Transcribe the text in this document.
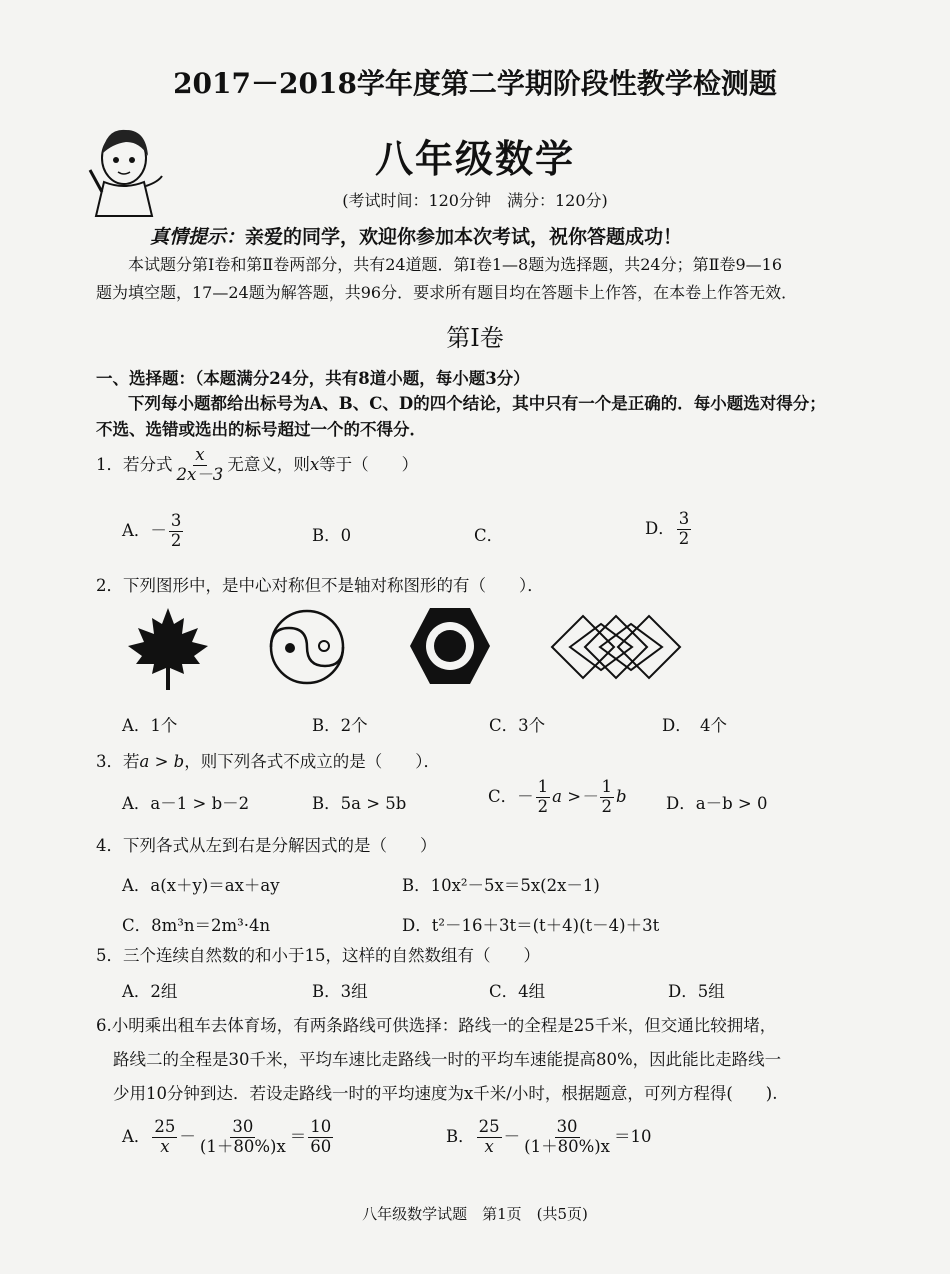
2017－2018学年度第二学期阶段性教学检测题
八年级数学
(考试时间：120分钟　满分：120分)
真情提示：亲爱的同学，欢迎你参加本次考试，祝你答题成功！
本试题分第Ⅰ卷和第Ⅱ卷两部分，共有24道题．第Ⅰ卷1—8题为选择题，共24分；第Ⅱ卷9—16
题为填空题，17—24题为解答题，共96分．要求所有题目均在答题卡上作答，在本卷上作答无效．
第Ⅰ卷
一、选择题：（本题满分24分，共有8道小题，每小题3分）
下列每小题都给出标号为A、B、C、D的四个结论，其中只有一个是正确的．每小题选对得分；
不选、选错或选出的标号超过一个的不得分．
1．若分式 $\frac{x}{2x-3}$ 无意义，则x等于（　　）
A．－ $\frac{3}{2}$	B．0	C．	D． $\frac{3}{2}$
2．下列图形中，是中心对称但不是轴对称图形的有（　　）．
A．1个	B．2个	C．3个	D．　4个
3．若a > b，则下列各式不成立的是（　　）．
A．a－1 > b－2	B．5a > 5b	C．－ $\frac{1}{2}$ $a >- \frac{1}{2}$ b D．a－b > 0
4．下列各式从左到右是分解因式的是（　　）
A．a(x＋y)＝ax＋ay	B．10x²－5x＝5x(2x－1)
C．8m³n＝2m³·4n	D．t²－16＋3t＝(t＋4)(t－4)＋3t
5．三个连续自然数的和小于15，这样的自然数组有（　　）
A．2组	B．3组	C．4组	D．5组
6.小明乘出租车去体育场，有两条路线可供选择：路线一的全程是25千米，但交通比较拥堵，
路线二的全程是30千米，平均车速比走路线一时的平均车速能提高80%，因此能比走路线一
少用10分钟到达．若设走路线一时的平均速度为x千米/小时，根据题意，可列方程得(　　).
A． $\frac{25}{x} - \frac{30}{(1+80\%)x} = \frac{10}{60}$	B． $\frac{25}{x} - \frac{30}{(1+80\%)x} =10$
八年级数学试题　第1页　(共5页)
